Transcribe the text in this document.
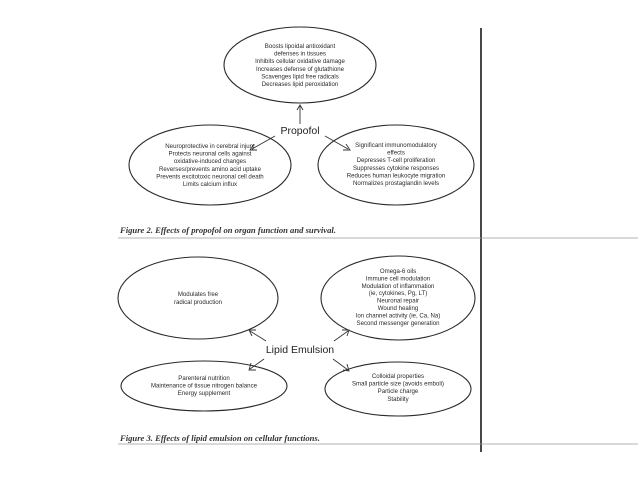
Boosts lipoidal antioxidant
defenses in tissues
Inhibits cellular oxidative damage
Increases defense of glutathione
Scavenges lipid free radicals
Decreases lipid peroxidation
Neuroprotective in cerebral injury
Protects neuronal cells against
oxidative-induced changes
Reverses/prevents amino acid uptake
Prevents excitotoxic neuronal cell death
Limits calcium influx
Significant immunomodulatory
effects
Depresses T-cell proliferation
Suppresses cytokine responses
Reduces human leukocyte migration
Normalizes prostaglandin levels
Propofol
Figure 2. Effects of propofol on organ function and survival.
Modulates free
radical production
Omega-6 oils
Immune cell modulation
Modulation of inflammation
(ie, cytokines, Pg, LT)
Neuronal repair
Wound healing
Ion channel activity (ie, Ca, Na)
Second messenger generation
Lipid Emulsion
Parenteral nutrition
Maintenance of tissue nitrogen balance
Energy supplement
Colloidal properties
Small particle size (avoids emboli)
Particle charge
Stability
Figure 3. Effects of lipid emulsion on cellular functions.
